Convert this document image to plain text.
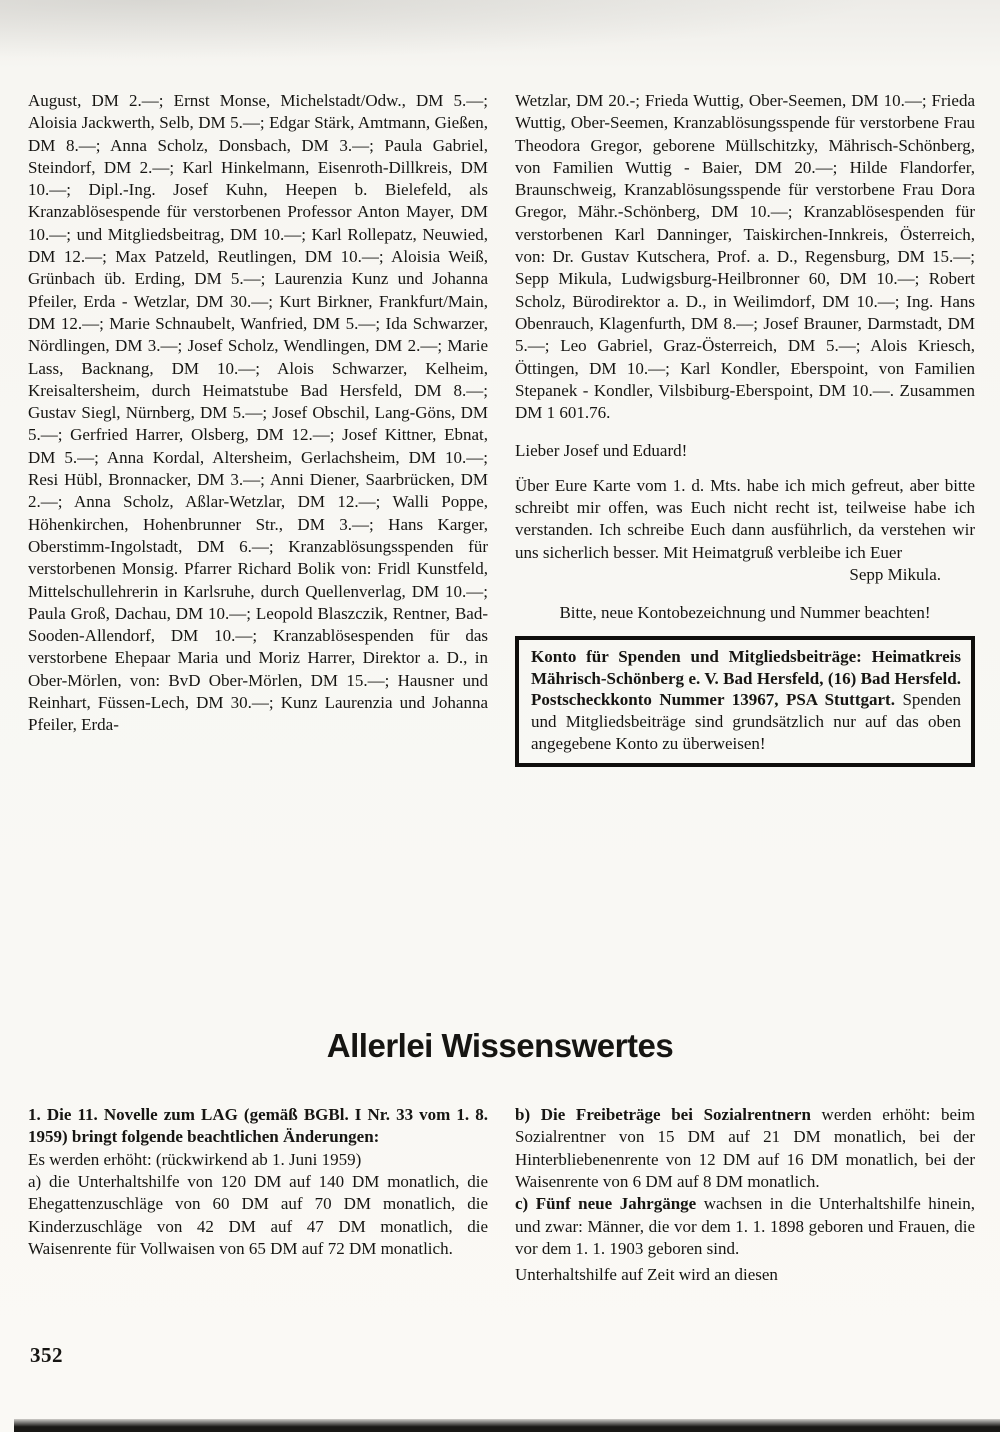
August, DM 2.—; Ernst Monse, Michelstadt/Odw., DM 5.—; Aloisia Jackwerth, Selb, DM 5.—; Edgar Stärk, Amtmann, Gießen, DM 8.—; Anna Scholz, Donsbach, DM 3.—; Paula Gabriel, Steindorf, DM 2.—; Karl Hinkelmann, Eisenroth-Dillkreis, DM 10.—; Dipl.-Ing. Josef Kuhn, Heepen b. Bielefeld, als Kranzablösespende für verstorbenen Professor Anton Mayer, DM 10.—; und Mitgliedsbeitrag, DM 10.—; Karl Rollepatz, Neuwied, DM 12.—; Max Patzeld, Reutlingen, DM 10.—; Aloisia Weiß, Grünbach üb. Erding, DM 5.—; Laurenzia Kunz und Johanna Pfeiler, Erda - Wetzlar, DM 30.—; Kurt Birkner, Frankfurt/Main, DM 12.—; Marie Schnaubelt, Wanfried, DM 5.—; Ida Schwarzer, Nördlingen, DM 3.—; Josef Scholz, Wendlingen, DM 2.—; Marie Lass, Backnang, DM 10.—; Alois Schwarzer, Kelheim, Kreisaltersheim, durch Heimatstube Bad Hersfeld, DM 8.—; Gustav Siegl, Nürnberg, DM 5.—; Josef Obschil, Lang-Göns, DM 5.—; Gerfried Harrer, Olsberg, DM 12.—; Josef Kittner, Ebnat, DM 5.—; Anna Kordal, Altersheim, Gerlachsheim, DM 10.—; Resi Hübl, Bronnacker, DM 3.—; Anni Diener, Saarbrücken, DM 2.—; Anna Scholz, Aßlar-Wetzlar, DM 12.—; Walli Poppe, Höhenkirchen, Hohenbrunner Str., DM 3.—; Hans Karger, Oberstimm-Ingolstadt, DM 6.—; Kranzablösungsspenden für verstorbenen Monsig. Pfarrer Richard Bolik von: Fridl Kunstfeld, Mittelschullehrerin in Karlsruhe, durch Quellenverlag, DM 10.—; Paula Groß, Dachau, DM 10.—; Leopold Blaszczik, Rentner, Bad-Sooden-Allendorf, DM 10.—; Kranzablösespenden für das verstorbene Ehepaar Maria und Moriz Harrer, Direktor a. D., in Ober-Mörlen, von: BvD Ober-Mörlen, DM 15.—; Hausner und Reinhart, Füssen-Lech, DM 30.—; Kunz Laurenzia und Johanna Pfeiler, Erda-

Wetzlar, DM 20.-; Frieda Wuttig, Ober-Seemen, DM 10.—; Frieda Wuttig, Ober-Seemen, Kranzablösungsspende für verstorbene Frau Theodora Gregor, geborene Müllschitzky, Mährisch-Schönberg, von Familien Wuttig - Baier, DM 20.—; Hilde Flandorfer, Braunschweig, Kranzablösungsspende für verstorbene Frau Dora Gregor, Mähr.-Schönberg, DM 10.—; Kranzablösespenden für verstorbenen Karl Danninger, Taiskirchen-Innkreis, Österreich, von: Dr. Gustav Kutschera, Prof. a. D., Regensburg, DM 15.—; Sepp Mikula, Ludwigsburg-Heilbronner 60, DM 10.—; Robert Scholz, Bürodirektor a. D., in Weilimdorf, DM 10.—; Ing. Hans Obenrauch, Klagenfurth, DM 8.—; Josef Brauner, Darmstadt, DM 5.—; Leo Gabriel, Graz-Österreich, DM 5.—; Alois Kriesch, Öttingen, DM 10.—; Karl Kondler, Eberspoint, von Familien Stepanek - Kondler, Vilsbiburg-Eberspoint, DM 10.—. Zusammen DM 1 601.76.

Lieber Josef und Eduard!

Über Eure Karte vom 1. d. Mts. habe ich mich gefreut, aber bitte schreibt mir offen, was Euch nicht recht ist, teilweise habe ich verstanden. Ich schreibe Euch dann ausführlich, da verstehen wir uns sicherlich besser. Mit Heimatgruß verbleibe ich Euer

Sepp Mikula.

Bitte, neue Kontobezeichnung und Nummer beachten!

Konto für Spenden und Mitgliedsbeiträge: Heimatkreis Mährisch-Schönberg e. V. Bad Hersfeld, (16) Bad Hersfeld. Postscheckkonto Nummer 13967, PSA Stuttgart. Spenden und Mitgliedsbeiträge sind grundsätzlich nur auf das oben angegebene Konto zu überweisen!

Allerlei Wissenswertes

1. Die 11. Novelle zum LAG (gemäß BGBl. I Nr. 33 vom 1. 8. 1959) bringt folgende beachtlichen Änderungen:

Es werden erhöht: (rückwirkend ab 1. Juni 1959)

a) die Unterhaltshilfe von 120 DM auf 140 DM monatlich, die Ehegattenzuschläge von 60 DM auf 70 DM monatlich, die Kinderzuschläge von 42 DM auf 47 DM monatlich, die Waisenrente für Vollwaisen von 65 DM auf 72 DM monatlich.

b) Die Freibeträge bei Sozialrentnern werden erhöht: beim Sozialrentner von 15 DM auf 21 DM monatlich, bei der Hinterbliebenenrente von 12 DM auf 16 DM monatlich, bei der Waisenrente von 6 DM auf 8 DM monatlich.

c) Fünf neue Jahrgänge wachsen in die Unterhaltshilfe hinein, und zwar: Männer, die vor dem 1. 1. 1898 geboren und Frauen, die vor dem 1. 1. 1903 geboren sind.

Unterhaltshilfe auf Zeit wird an diesen

352
